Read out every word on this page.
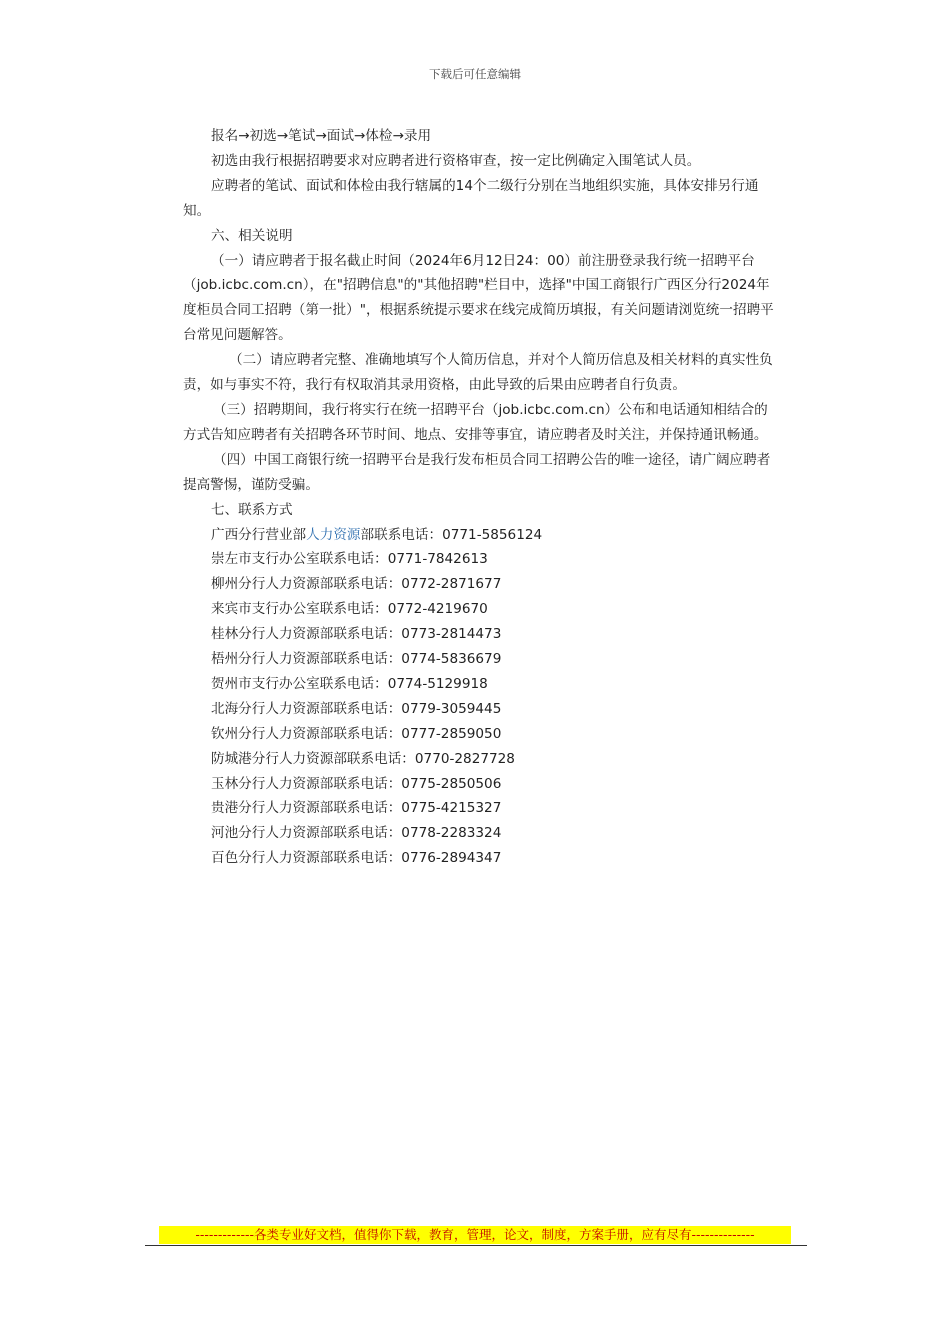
下载后可任意编辑

报名→初选→笔试→面试→体检→录用

初选由我行根据招聘要求对应聘者进行资格审查，按一定比例确定入围笔试人员。

应聘者的笔试、面试和体检由我行辖属的14个二级行分别在当地组织实施，具体安排另行通知。

六、相关说明

（一）请应聘者于报名截止时间（2024年6月12日24：00）前注册登录我行统一招聘平台（job.icbc.com.cn），在"招聘信息"的"其他招聘"栏目中，选择"中国工商银行广西区分行2024年度柜员合同工招聘（第一批）"，根据系统提示要求在线完成简历填报，有关问题请浏览统一招聘平台常见问题解答。

（二）请应聘者完整、准确地填写个人简历信息，并对个人简历信息及相关材料的真实性负责，如与事实不符，我行有权取消其录用资格，由此导致的后果由应聘者自行负责。

（三）招聘期间，我行将实行在统一招聘平台（job.icbc.com.cn）公布和电话通知相结合的方式告知应聘者有关招聘各环节时间、地点、安排等事宜，请应聘者及时关注，并保持通讯畅通。

（四）中国工商银行统一招聘平台是我行发布柜员合同工招聘公告的唯一途径，请广阔应聘者提高警惕，谨防受骗。

七、联系方式

广西分行营业部人力资源部联系电话：0771-5856124

崇左市支行办公室联系电话：0771-7842613

柳州分行人力资源部联系电话：0772-2871677

来宾市支行办公室联系电话：0772-4219670

桂林分行人力资源部联系电话：0773-2814473

梧州分行人力资源部联系电话：0774-5836679

贺州市支行办公室联系电话：0774-5129918

北海分行人力资源部联系电话：0779-3059445

钦州分行人力资源部联系电话：0777-2859050

防城港分行人力资源部联系电话：0770-2827728

玉林分行人力资源部联系电话：0775-2850506

贵港分行人力资源部联系电话：0775-4215327

河池分行人力资源部联系电话：0778-2283324

百色分行人力资源部联系电话：0776-2894347

-------------各类专业好文档，值得你下载，教育，管理，论文，制度，方案手册，应有尽有--------------
